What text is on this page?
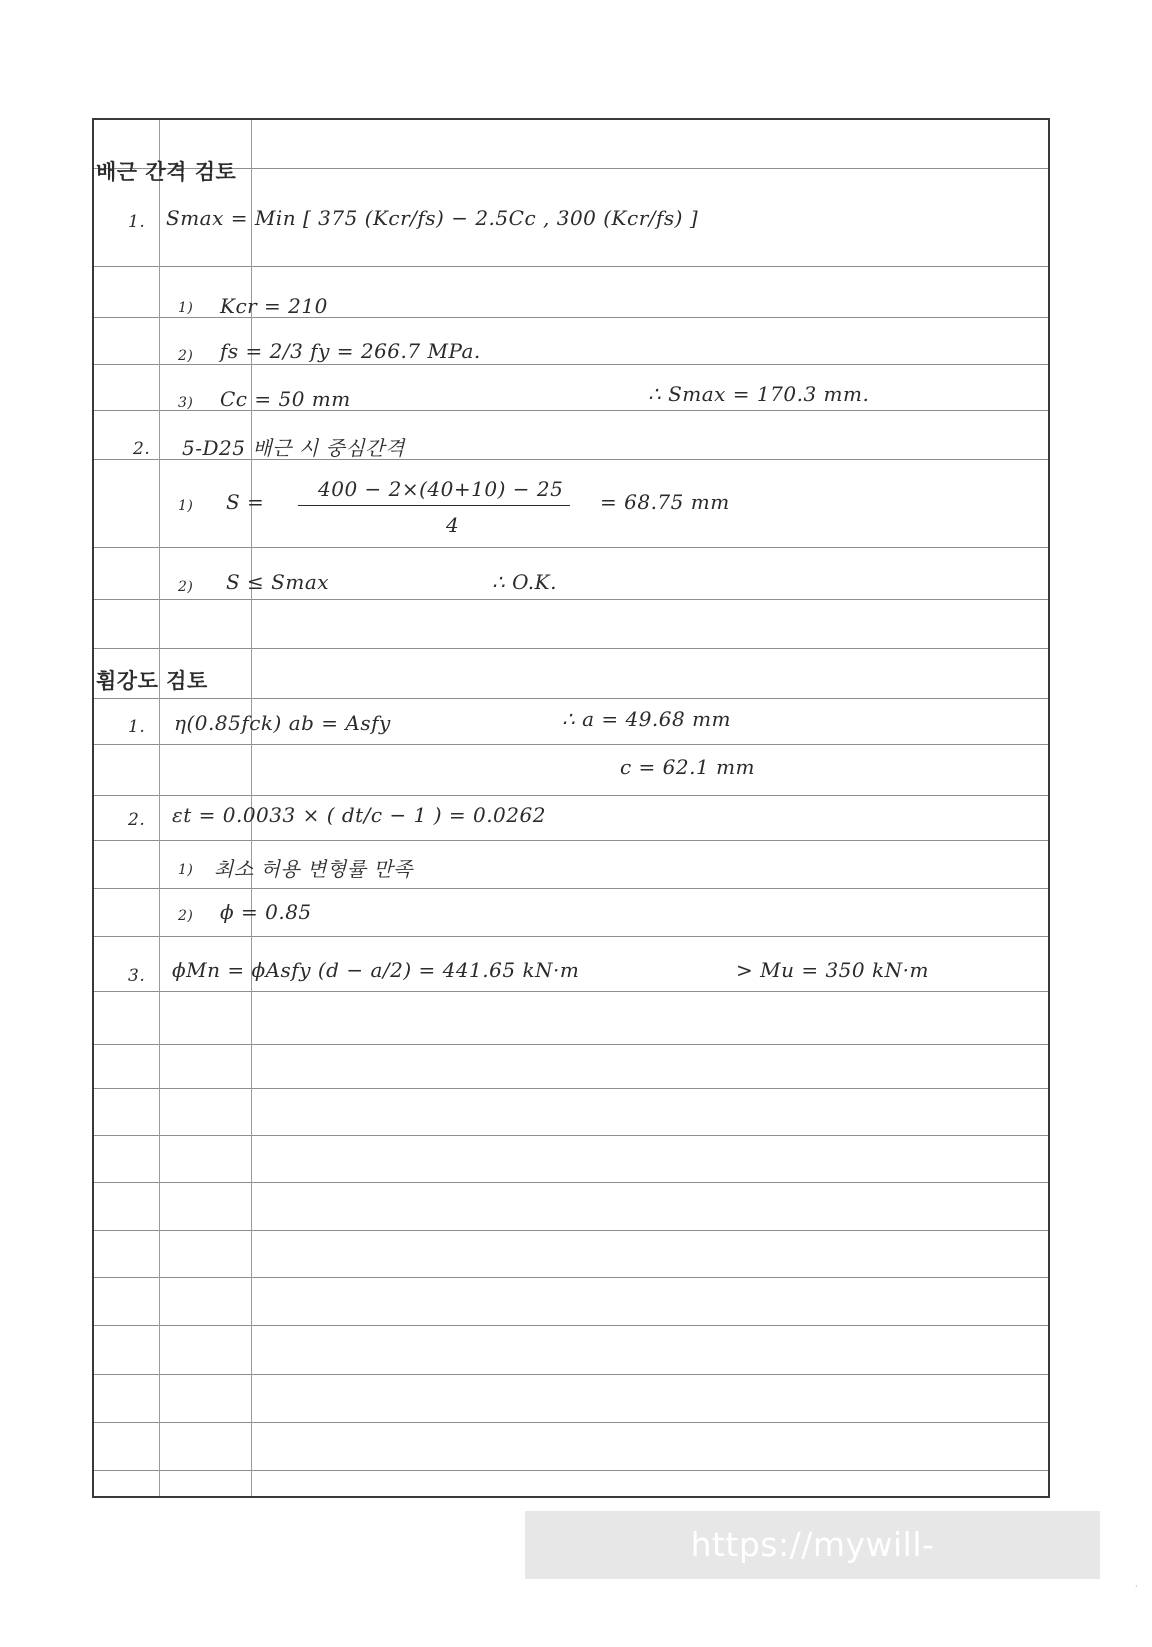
배근 간격 검토
1. Smax = Min [ 375 (Kcr/fs) − 2.5Cc , 300 (Kcr/fs) ]
1) Kcr = 210
2) fs = 2/3 fy = 266.7 MPa.
3) Cc = 50 mm	∴ Smax = 170.3 mm.
2. 5-D25 배근 시 중심간격
1) S =
400 − 2×(40+10) − 25
4
= 68.75 mm
2) S ≤ Smax	∴ O.K.
휨강도 검토
1. η(0.85fck) ab = Asfy	∴ a = 49.68 mm
c = 62.1 mm
2. εt = 0.0033 × ( dt/c − 1 ) = 0.0262
1) 최소 허용 변형률 만족
2) ϕ = 0.85
3. ϕMn = ϕAsfy (d − a/2) = 441.65 kN·m	> Mu = 350 kN·m
https://mywill-engineer.tistory.com
·
